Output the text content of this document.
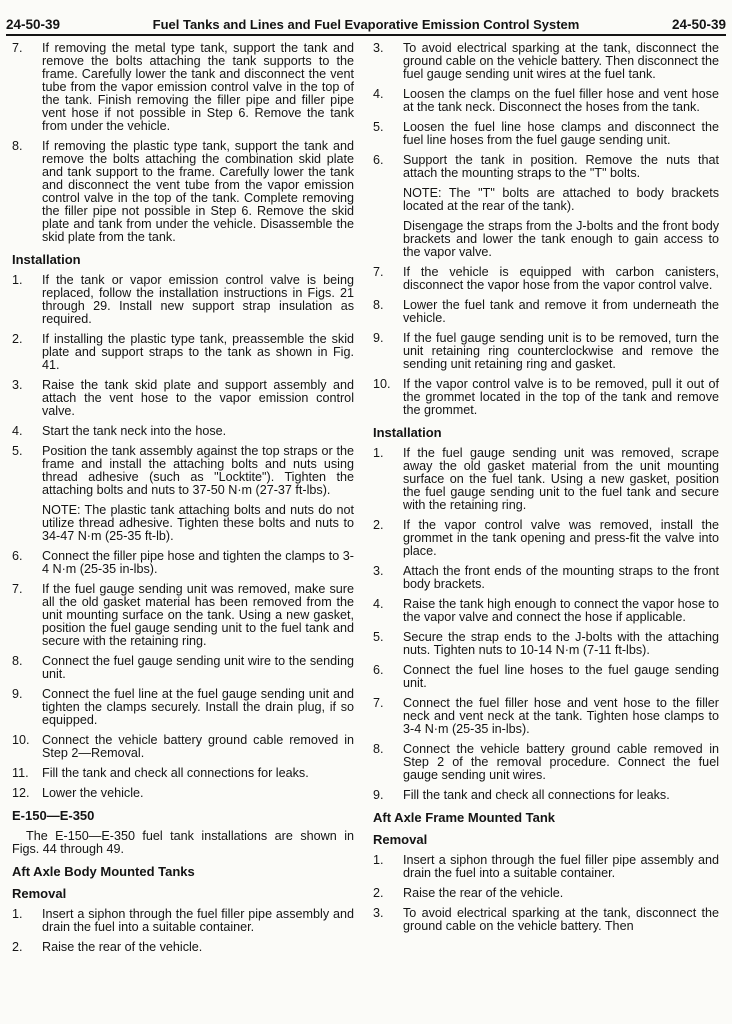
24-50-39	Fuel Tanks and Lines and Fuel Evaporative Emission Control System	24-50-39
7.	If removing the metal type tank, support the tank and remove the bolts attaching the tank supports to the frame. Carefully lower the tank and disconnect the vent tube from the vapor emission control valve in the top of the tank. Finish removing the filler pipe and filler pipe vent hose if not possible in Step 6. Remove the tank from under the vehicle.
8.	If removing the plastic type tank, support the tank and remove the bolts attaching the combination skid plate and tank support to the frame. Carefully lower the tank and disconnect the vent tube from the vapor emission control valve in the top of the tank. Complete removing the filler pipe not possible in Step 6. Remove the skid plate and tank from under the vehicle. Disassemble the skid plate from the tank.
Installation
1.	If the tank or vapor emission control valve is being replaced, follow the installation instructions in Figs. 21 through 29. Install new support strap insulation as required.
2.	If installing the plastic type tank, preassemble the skid plate and support straps to the tank as shown in Fig. 41.
3.	Raise the tank skid plate and support assembly and attach the vent hose to the vapor emission control valve.
4.	Start the tank neck into the hose.
5.	Position the tank assembly against the top straps or the frame and install the attaching bolts and nuts using thread adhesive (such as "Locktite"). Tighten the attaching bolts and nuts to 37-50 N·m (27-37 ft-lbs).
NOTE: The plastic tank attaching bolts and nuts do not utilize thread adhesive. Tighten these bolts and nuts to 34-47 N·m (25-35 ft-lb).
6.	Connect the filler pipe hose and tighten the clamps to 3-4 N·m (25-35 in-lbs).
7.	If the fuel gauge sending unit was removed, make sure all the old gasket material has been removed from the unit mounting surface on the tank. Using a new gasket, position the fuel gauge sending unit to the fuel tank and secure with the retaining ring.
8.	Connect the fuel gauge sending unit wire to the sending unit.
9.	Connect the fuel line at the fuel gauge sending unit and tighten the clamps securely. Install the drain plug, if so equipped.
10. Connect the vehicle battery ground cable removed in Step 2—Removal.
11.	Fill the tank and check all connections for leaks.
12. Lower the vehicle.
E-150—E-350
The E-150—E-350 fuel tank installations are shown in Figs. 44 through 49.
Aft Axle Body Mounted Tanks
Removal
1.	Insert a siphon through the fuel filler pipe assembly and drain the fuel into a suitable container.
2.	Raise the rear of the vehicle.
3.	To avoid electrical sparking at the tank, disconnect the ground cable on the vehicle battery. Then disconnect the fuel gauge sending unit wires at the fuel tank.
4.	Loosen the clamps on the fuel filler hose and vent hose at the tank neck. Disconnect the hoses from the tank.
5.	Loosen the fuel line hose clamps and disconnect the fuel line hoses from the fuel gauge sending unit.
6.	Support the tank in position. Remove the nuts that attach the mounting straps to the "T" bolts.
NOTE: The "T" bolts are attached to body brackets located at the rear of the tank).
Disengage the straps from the J-bolts and the front body brackets and lower the tank enough to gain access to the vapor valve.
7.	If the vehicle is equipped with carbon canisters, disconnect the vapor hose from the vapor control valve.
8.	Lower the fuel tank and remove it from underneath the vehicle.
9.	If the fuel gauge sending unit is to be removed, turn the unit retaining ring counterclockwise and remove the sending unit retaining ring and gasket.
10. If the vapor control valve is to be removed, pull it out of the grommet located in the top of the tank and remove the grommet.
Installation
1.	If the fuel gauge sending unit was removed, scrape away the old gasket material from the unit mounting surface on the fuel tank. Using a new gasket, position the fuel gauge sending unit to the fuel tank and secure with the retaining ring.
2.	If the vapor control valve was removed, install the grommet in the tank opening and press-fit the valve into place.
3.	Attach the front ends of the mounting straps to the front body brackets.
4.	Raise the tank high enough to connect the vapor hose to the vapor valve and connect the hose if applicable.
5.	Secure the strap ends to the J-bolts with the attaching nuts. Tighten nuts to 10-14 N·m (7-11 ft-lbs).
6.	Connect the fuel line hoses to the fuel gauge sending unit.
7.	Connect the fuel filler hose and vent hose to the filler neck and vent neck at the tank. Tighten hose clamps to 3-4 N·m (25-35 in-lbs).
8.	Connect the vehicle battery ground cable removed in Step 2 of the removal procedure. Connect the fuel gauge sending unit wires.
9.	Fill the tank and check all connections for leaks.
Aft Axle Frame Mounted Tank
Removal
1.	Insert a siphon through the fuel filler pipe assembly and drain the fuel into a suitable container.
2.	Raise the rear of the vehicle.
3.	To avoid electrical sparking at the tank, disconnect the ground cable on the vehicle battery. Then
